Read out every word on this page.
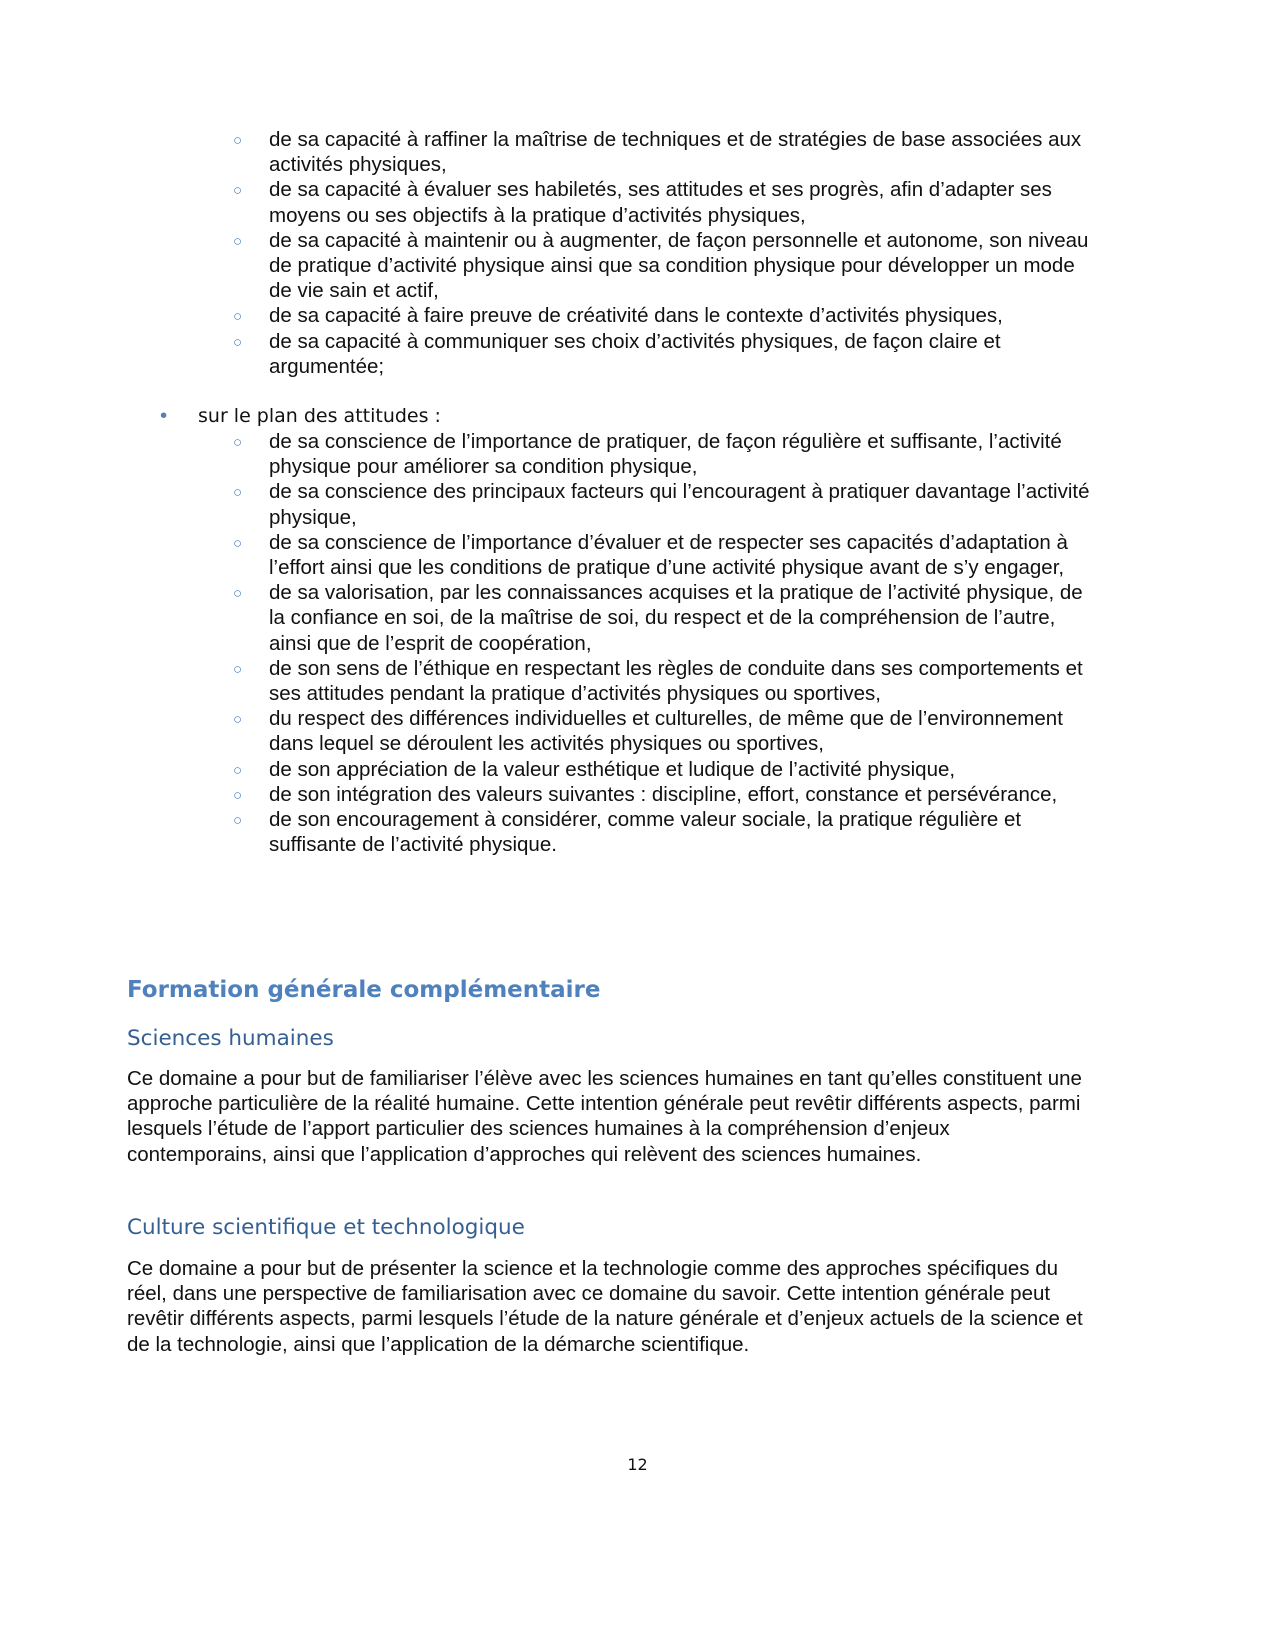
○ de sa capacité à raffiner la maîtrise de techniques et de stratégies de base associées aux activités physiques,
○ de sa capacité à évaluer ses habiletés, ses attitudes et ses progrès, afin d’adapter ses moyens ou ses objectifs à la pratique d’activités physiques,
○ de sa capacité à maintenir ou à augmenter, de façon personnelle et autonome, son niveau de pratique d’activité physique ainsi que sa condition physique pour développer un mode de vie sain et actif,
○ de sa capacité à faire preuve de créativité dans le contexte d’activités physiques,
○ de sa capacité à communiquer ses choix d’activités physiques, de façon claire et argumentée;
• sur le plan des attitudes :
○ de sa conscience de l’importance de pratiquer, de façon régulière et suffisante, l’activité physique pour améliorer sa condition physique,
○ de sa conscience des principaux facteurs qui l’encouragent à pratiquer davantage l’activité physique,
○ de sa conscience de l’importance d’évaluer et de respecter ses capacités d’adaptation à l’effort ainsi que les conditions de pratique d’une activité physique avant de s’y engager,
○ de sa valorisation, par les connaissances acquises et la pratique de l’activité physique, de la confiance en soi, de la maîtrise de soi, du respect et de la compréhension de l’autre, ainsi que de l’esprit de coopération,
○ de son sens de l’éthique en respectant les règles de conduite dans ses comportements et ses attitudes pendant la pratique d’activités physiques ou sportives,
○ du respect des différences individuelles et culturelles, de même que de l’environnement dans lequel se déroulent les activités physiques ou sportives,
○ de son appréciation de la valeur esthétique et ludique de l’activité physique,
○ de son intégration des valeurs suivantes : discipline, effort, constance et persévérance,
○ de son encouragement à considérer, comme valeur sociale, la pratique régulière et suffisante de l’activité physique.
Formation générale complémentaire
Sciences humaines

Ce domaine a pour but de familiariser l’élève avec les sciences humaines en tant qu’elles constituent une approche particulière de la réalité humaine. Cette intention générale peut revêtir différents aspects, parmi lesquels l’étude de l’apport particulier des sciences humaines à la compréhension d’enjeux contemporains, ainsi que l’application d’approches qui relèvent des sciences humaines.

Culture scientifique et technologique

Ce domaine a pour but de présenter la science et la technologie comme des approches spécifiques du réel, dans une perspective de familiarisation avec ce domaine du savoir. Cette intention générale peut revêtir différents aspects, parmi lesquels l’étude de la nature générale et d’enjeux actuels de la science et de la technologie, ainsi que l’application de la démarche scientifique.

12
